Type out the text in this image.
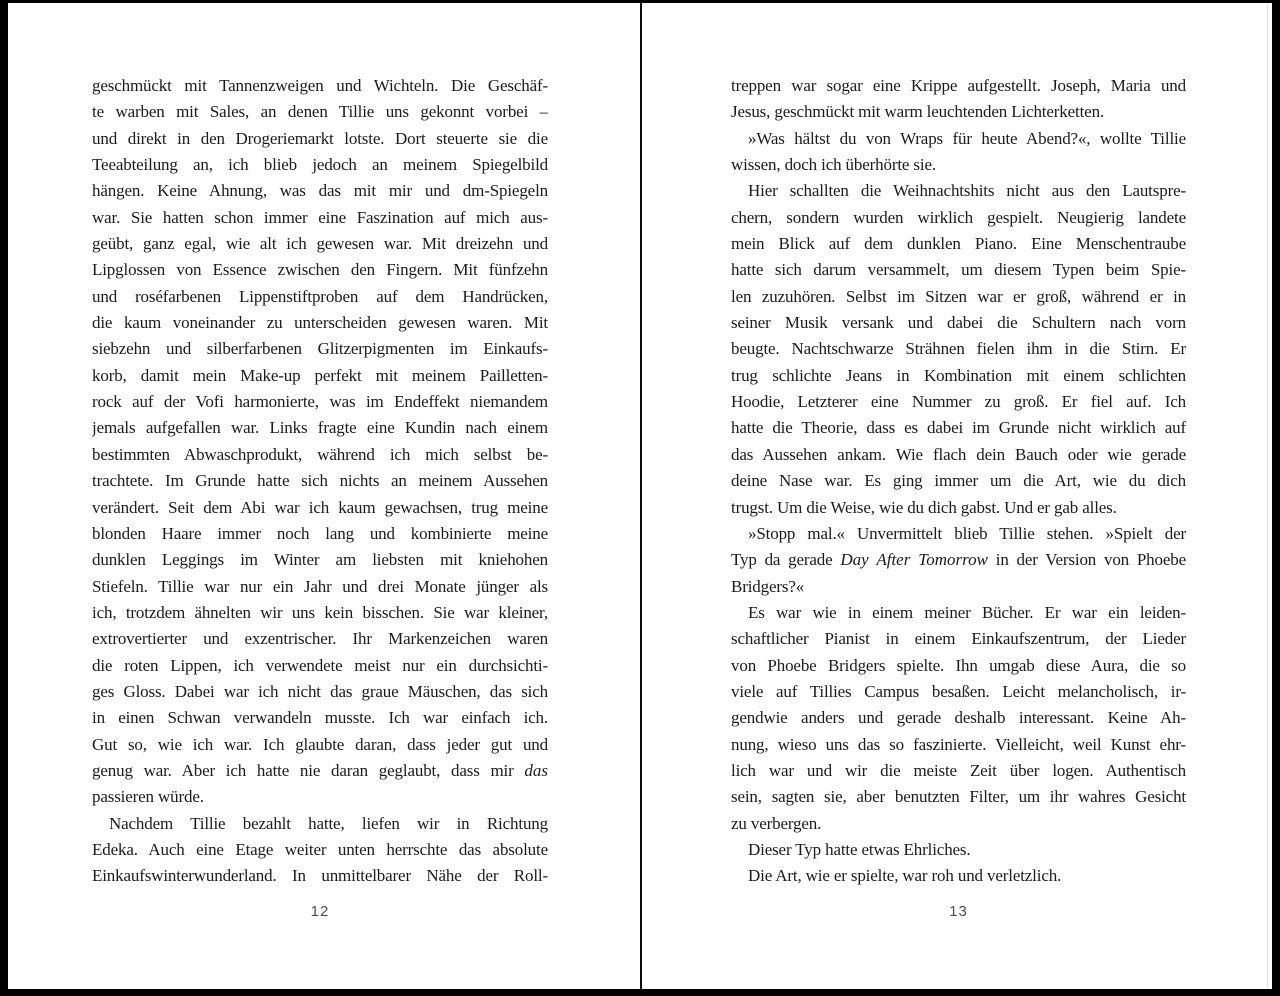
geschmückt mit Tannenzweigen und Wichteln. Die Geschäf-
te warben mit Sales, an denen Tillie uns gekonnt vorbei –
und direkt in den Drogeriemarkt lotste. Dort steuerte sie die
Teeabteilung an, ich blieb jedoch an meinem Spiegelbild
hängen. Keine Ahnung, was das mit mir und dm-Spiegeln
war. Sie hatten schon immer eine Faszination auf mich aus-
geübt, ganz egal, wie alt ich gewesen war. Mit dreizehn und
Lipglossen von Essence zwischen den Fingern. Mit fünfzehn
und roséfarbenen Lippenstiftproben auf dem Handrücken,
die kaum voneinander zu unterscheiden gewesen waren. Mit
siebzehn und silberfarbenen Glitzerpigmenten im Einkaufs-
korb, damit mein Make-up perfekt mit meinem Pailletten-
rock auf der Vofi harmonierte, was im Endeffekt niemandem
jemals aufgefallen war. Links fragte eine Kundin nach einem
bestimmten Abwaschprodukt, während ich mich selbst be-
trachtete. Im Grunde hatte sich nichts an meinem Aussehen
verändert. Seit dem Abi war ich kaum gewachsen, trug meine
blonden Haare immer noch lang und kombinierte meine
dunklen Leggings im Winter am liebsten mit kniehohen
Stiefeln. Tillie war nur ein Jahr und drei Monate jünger als
ich, trotzdem ähnelten wir uns kein bisschen. Sie war kleiner,
extrovertierter und exzentrischer. Ihr Markenzeichen waren
die roten Lippen, ich verwendete meist nur ein durchsichti-
ges Gloss. Dabei war ich nicht das graue Mäuschen, das sich
in einen Schwan verwandeln musste. Ich war einfach ich.
Gut so, wie ich war. Ich glaubte daran, dass jeder gut und
genug war. Aber ich hatte nie daran geglaubt, dass mir das
passieren würde.
Nachdem Tillie bezahlt hatte, liefen wir in Richtung
Edeka. Auch eine Etage weiter unten herrschte das absolute
Einkaufswinterwunderland. In unmittelbarer Nähe der Roll-
12
treppen war sogar eine Krippe aufgestellt. Joseph, Maria und
Jesus, geschmückt mit warm leuchtenden Lichterketten.
»Was hältst du von Wraps für heute Abend?«, wollte Tillie
wissen, doch ich überhörte sie.
Hier schallten die Weihnachtshits nicht aus den Lautspre-
chern, sondern wurden wirklich gespielt. Neugierig landete
mein Blick auf dem dunklen Piano. Eine Menschentraube
hatte sich darum versammelt, um diesem Typen beim Spie-
len zuzuhören. Selbst im Sitzen war er groß, während er in
seiner Musik versank und dabei die Schultern nach vorn
beugte. Nachtschwarze Strähnen fielen ihm in die Stirn. Er
trug schlichte Jeans in Kombination mit einem schlichten
Hoodie, Letzterer eine Nummer zu groß. Er fiel auf. Ich
hatte die Theorie, dass es dabei im Grunde nicht wirklich auf
das Aussehen ankam. Wie flach dein Bauch oder wie gerade
deine Nase war. Es ging immer um die Art, wie du dich
trugst. Um die Weise, wie du dich gabst. Und er gab alles.
»Stopp mal.« Unvermittelt blieb Tillie stehen. »Spielt der
Typ da gerade Day After Tomorrow in der Version von Phoebe
Bridgers?«
Es war wie in einem meiner Bücher. Er war ein leiden-
schaftlicher Pianist in einem Einkaufszentrum, der Lieder
von Phoebe Bridgers spielte. Ihn umgab diese Aura, die so
viele auf Tillies Campus besaßen. Leicht melancholisch, ir-
gendwie anders und gerade deshalb interessant. Keine Ah-
nung, wieso uns das so faszinierte. Vielleicht, weil Kunst ehr-
lich war und wir die meiste Zeit über logen. Authentisch
sein, sagten sie, aber benutzten Filter, um ihr wahres Gesicht
zu verbergen.
Dieser Typ hatte etwas Ehrliches.
Die Art, wie er spielte, war roh und verletzlich.
13
